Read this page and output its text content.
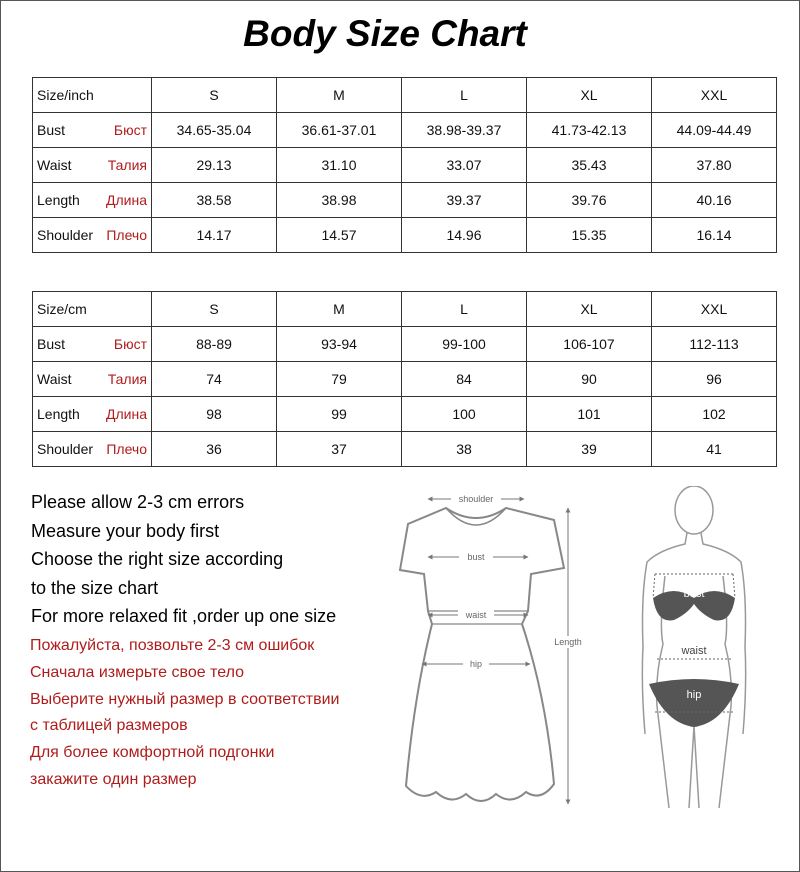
Body Size Chart
Size/inch	S	M	L	XL	XXL

Bust Бюст	34.65-35.04	36.61-37.01	38.98-39.37	41.73-42.13	44.09-44.49

Waist Талия	29.13	31.10	33.07	35.43	37.80

Length Длина	38.58	38.98	39.37	39.76	40.16

Shoulder Плечо	14.17	14.57	14.96	15.35	16.14
Size/cm	S	M	L	XL	XXL

Bust Бюст	88-89	93-94	99-100	106-107	112-113

Waist Талия	74	79	84	90	96

Length Длина	98	99	100	101	102

Shoulder Плечо	36	37	38	39	41
Please allow 2-3 cm errors
Measure your body first
Choose the right size according
to the size chart
For more relaxed fit ,order up one size
Пожалуйста, позвольте 2-3 см ошибок
Сначала измерьте свое тело
Выберите нужный размер в соответствии
с таблицей размеров
Для более комфортной подгонки
закажите один размер
shoulder
bust
waist
hip
Length
bust
waist
hip
